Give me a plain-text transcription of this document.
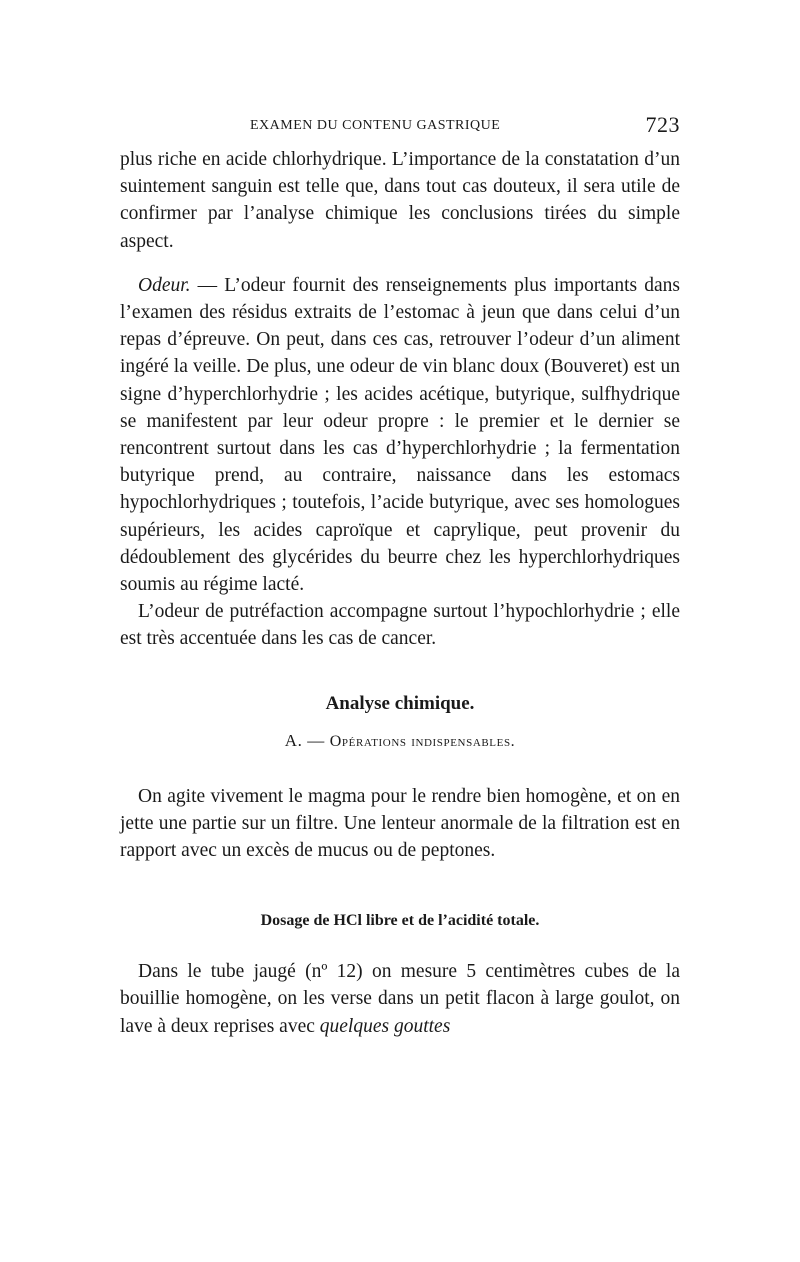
EXAMEN DU CONTENU GASTRIQUE	723

plus riche en acide chlorhydrique. L’importance de la constatation d’un suintement sanguin est telle que, dans tout cas douteux, il sera utile de confirmer par l’analyse chimique les conclusions tirées du simple aspect.

Odeur. — L’odeur fournit des renseignements plus importants dans l’examen des résidus extraits de l’estomac à jeun que dans celui d’un repas d’épreuve. On peut, dans ces cas, retrouver l’odeur d’un aliment ingéré la veille. De plus, une odeur de vin blanc doux (Bouveret) est un signe d’hyperchlorhydrie ; les acides acétique, butyrique, sulfhydrique se manifestent par leur odeur propre : le premier et le dernier se rencontrent surtout dans les cas d’hyperchlorhydrie ; la fermentation butyrique prend, au contraire, naissance dans les estomacs hypochlorhydriques ; toutefois, l’acide butyrique, avec ses homologues supérieurs, les acides caproïque et caprylique, peut provenir du dédoublement des glycérides du beurre chez les hyperchlorhydriques soumis au régime lacté.

L’odeur de putréfaction accompagne surtout l’hypochlorhydrie ; elle est très accentuée dans les cas de cancer.

Analyse chimique.
A. — Opérations indispensables.

On agite vivement le magma pour le rendre bien homogène, et on en jette une partie sur un filtre. Une lenteur anormale de la filtration est en rapport avec un excès de mucus ou de peptones.

Dosage de HCl libre et de l’acidité totale.

Dans le tube jaugé (nº 12) on mesure 5 centimètres cubes de la bouillie homogène, on les verse dans un petit flacon à large goulot, on lave à deux reprises avec quelques gouttes
